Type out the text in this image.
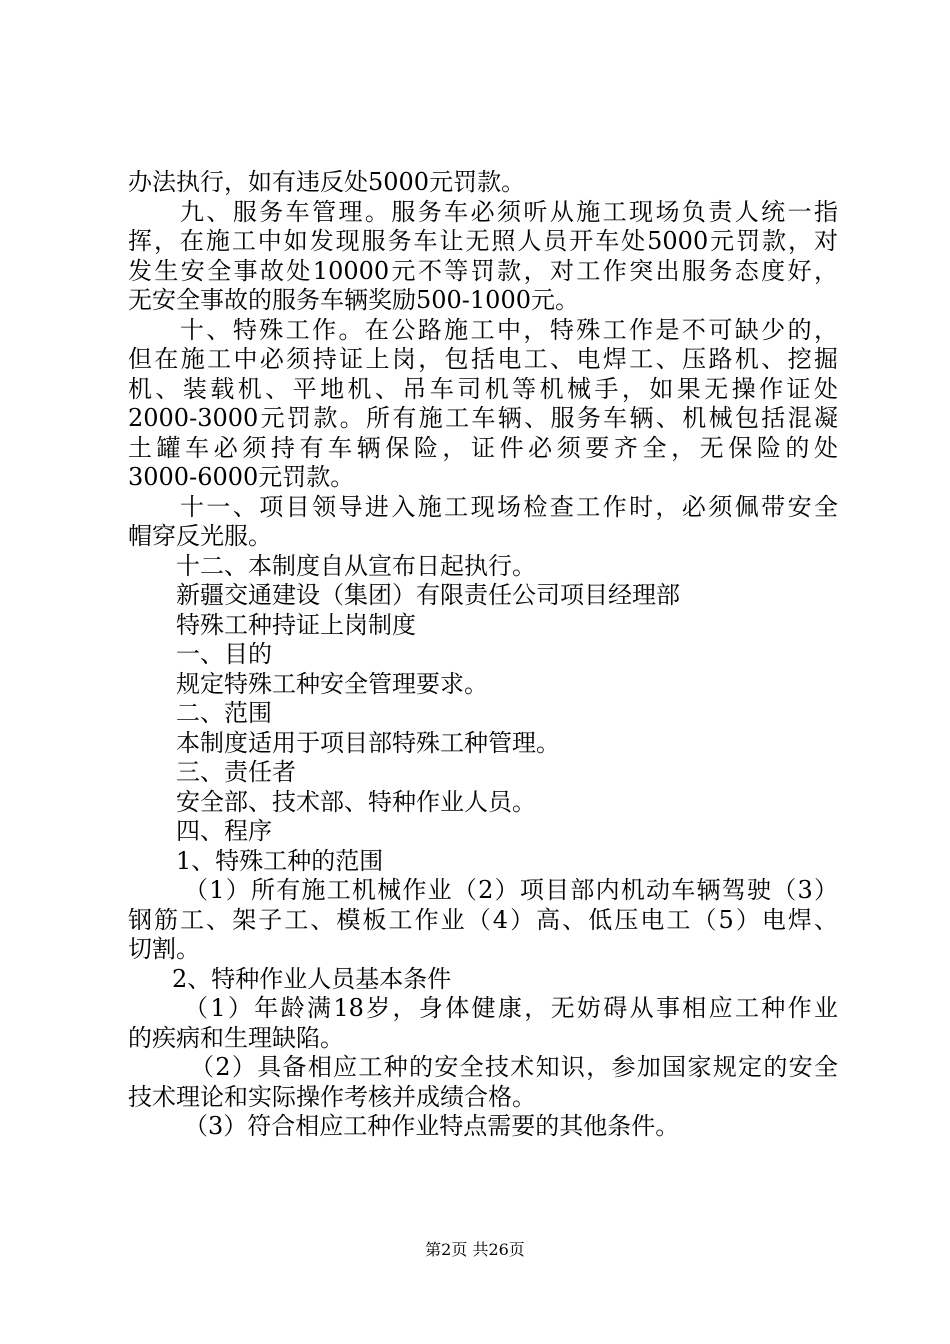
办法执行，如有违反处5000元罚款。
九、服务车管理。服务车必须听从施工现场负责人统一指
挥，在施工中如发现服务车让无照人员开车处5000元罚款，对
发生安全事故处10000元不等罚款，对工作突出服务态度好，
无安全事故的服务车辆奖励500-1000元。
十、特殊工作。在公路施工中，特殊工作是不可缺少的，
但在施工中必须持证上岗，包括电工、电焊工、压路机、挖掘
机、装载机、平地机、吊车司机等机械手，如果无操作证处
2000-3000元罚款。所有施工车辆、服务车辆、机械包括混凝
土罐车必须持有车辆保险，证件必须要齐全，无保险的处
3000-6000元罚款。
十一、项目领导进入施工现场检查工作时，必须佩带安全
帽穿反光服。
十二、本制度自从宣布日起执行。
新疆交通建设（集团）有限责任公司项目经理部
特殊工种持证上岗制度
一、目的
规定特殊工种安全管理要求。
二、范围
本制度适用于项目部特殊工种管理。
三、责任者
安全部、技术部、特种作业人员。
四、程序
1、特殊工种的范围
（1）所有施工机械作业（2）项目部内机动车辆驾驶（3）
钢筋工、架子工、模板工作业（4）高、低压电工（5）电焊、
切割。
2、特种作业人员基本条件
（1）年龄满18岁，身体健康，无妨碍从事相应工种作业
的疾病和生理缺陷。
（2）具备相应工种的安全技术知识，参加国家规定的安全
技术理论和实际操作考核并成绩合格。
（3）符合相应工种作业特点需要的其他条件。
第2页 共26页
